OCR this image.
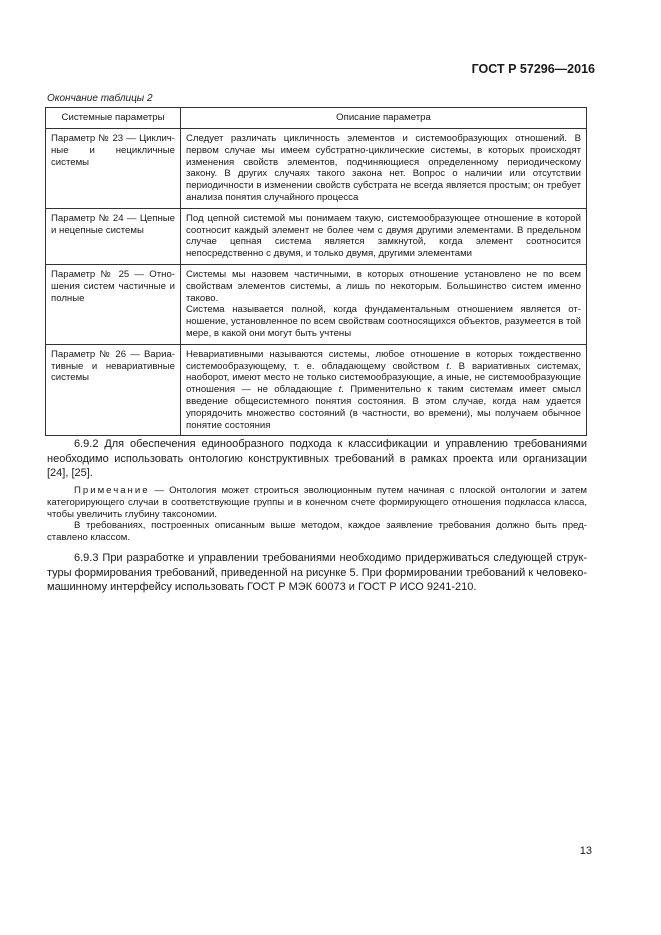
ГОСТ Р 57296—2016
Окончание таблицы 2
Системные параметры	Описание параметра
Параметр № 23 — Циклич- ные и нецикличные системы	Следует различать цикличность элементов и системообразующих отношений. В первом случае мы имеем субстратно-циклические системы, в которых происходят изменения свойств элементов, подчиняющиеся определенному периодическому закону. В других случаях такого закона нет. Вопрос о наличии или отсутствии периодичности в изменении свойств субстрата не всегда является простым; он требует анализа понятия случайного процесса
Параметр № 24 — Цепные и нецепные системы	Под цепной системой мы понимаем такую, системообразующее отношение в которой соотносит каждый элемент не более чем с двумя другими элементами. В предельном случае цепная система является замкнутой, когда элемент соотносится непосредственно с двумя, и только двумя, другими элементами
Параметр № 25 — Отношения систем частичные и полные	Системы мы назовем частичными, в которых отношение установлено не по всем свойствам элементов системы, а лишь по некоторым. Большинство систем именно таково.
Система называется полной, когда фундаментальным отношением является отношение, установленное по всем свойствам соотносящихся объектов, разумеется в той мере, в какой они могут быть учтены

Параметр № 26 — Вариативные и невариативные системы	Невариативными называются системы, любое отношение в которых тождественно системообразующему, т. е. обладающему свойством t. В вариативных системах, наоборот, имеют место не только системообразующие, а иные, не системообразующие отношения — не обладающие t. Применительно к таким системам имеет смысл введение общесистемного понятия состояния. В этом случае, когда нам удается упорядочить множество состояний (в частности, во времени), мы получаем обычное понятие состояния

6.9.2 Для обеспечения единообразного подхода к классификации и управлению требованиями необходимо использовать онтологию конструктивных требований в рамках проекта или организации [24], [25].

Примечание — Онтология может строиться эволюционным путем начиная с плоской онтологии и затем категорирующего случаи в соответствующие группы и в конечном счете формирующего отношения подкласса класса, чтобы увеличить глубину таксономии.

В требованиях, построенных описанным выше методом, каждое заявление требования должно быть представлено классом.

6.9.3 При разработке и управлении требованиями необходимо придерживаться следующей структуры формирования требований, приведенной на рисунке 5. При формировании требований к человеко-машинному интерфейсу использовать ГОСТ Р МЭК 60073 и ГОСТ Р ИСО 9241-210.

13
